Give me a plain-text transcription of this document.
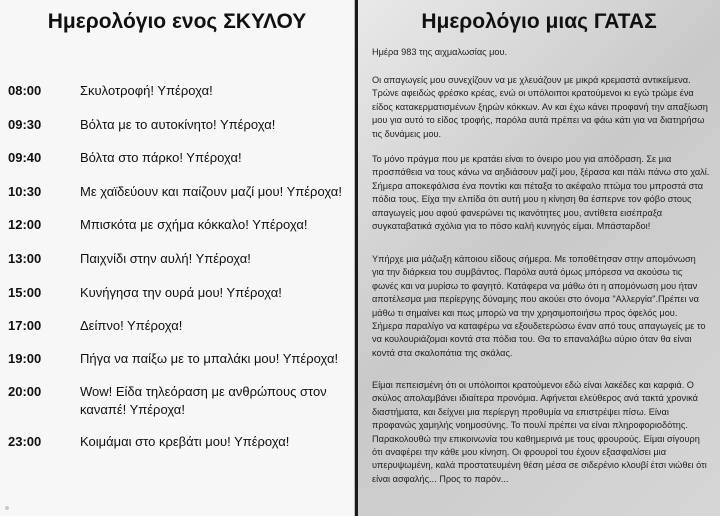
Ημερολόγιο ενος ΣΚΥΛΟΥ
08:00	Σκυλοτροφή! Υπέροχα!
09:30	Βόλτα με το αυτοκίνητο! Υπέροχα!
09:40	Βόλτα στο πάρκο! Υπέροχα!
10:30	Με χαϊδεύουν και παίζουν μαζί μου! Υπέροχα!
12:00	Μπισκότα με σχήμα κόκκαλο! Υπέροχα!
13:00	Παιχνίδι στην αυλή! Υπέροχα!
15:00	Κυνήγησα την ουρά μου! Υπέροχα!
17:00	Δείπνο! Υπέροχα!
19:00	Πήγα να παίξω με το μπαλάκι μου! Υπέροχα!
20:00	Wow! Είδα τηλεόραση με ανθρώπους στον καναπέ! Υπέροχα!
23:00	Κοιμάμαι στο κρεβάτι μου! Υπέροχα!
Ημερολόγιο μιας ΓΑΤΑΣ

Ημέρα 983 της αιχμαλωσίας μου.

Οι απαγωγείς μου συνεχίζουν να με χλευάζουν με μικρά κρεμαστά αντικείμενα. Τρώνε αφειδώς φρέσκο κρέας, ενώ οι υπόλοιποι κρατούμενοι κι εγώ τρώμε ένα είδος κατακερματισμένων ξηρών κόκκων. Αν και έχω κάνει προφανή την απαξίωση μου για αυτό το είδος τροφής, παρόλα αυτά πρέπει να φάω κάτι για να διατηρήσω τις δυνάμεις μου.

Το μόνο πράγμα που με κρατάει είναι το όνειρο μου για απόδραση. Σε μια προσπάθεια να τους κάνω να αηδιάσουν μαζί μου, ξέρασα και πάλι πάνω στο χαλί. Σήμερα αποκεφάλισα ένα ποντίκι και πέταξα το ακέφαλο πτώμα του μπροστά στα πόδια τους. Είχα την ελπίδα ότι αυτή μου η κίνηση θα έσπερνε τον φόβο στους απαγωγείς μου αφού φανερώνει τις ικανότητες μου, αντίθετα εισέπραξα συγκαταβατικά σχόλια για το πόσο καλή κυνηγός είμαι. Μπάσταρδοι!

Υπήρχε μια μάζωξη κάποιου είδους σήμερα. Με τοποθέτησαν στην απομόνωση για την διάρκεια του συμβάντος. Παρόλα αυτά όμως μπόρεσα να ακούσω τις φωνές και να μυρίσω το φαγητό. Κατάφερα να μάθω ότι η απομόνωση μου ήταν αποτέλεσμα μια περίεργης δύναμης που ακούει στο όνομα "Αλλεργία".Πρέπει να μάθω τι σημαίνει και πως μπορώ να την χρησιμοποιήσω προς όφελός μου. Σήμερα παραλίγο να καταφέρω να εξουδετερώσω έναν από τους απαγωγείς με το να κουλουριάζομαι κοντά στα πόδια του. Θα το επαναλάβω αύριο όταν θα είναι κοντά στα σκαλοπάτια της σκάλας.

Είμαι πεπεισμένη ότι οι υπόλοιποι κρατούμενοι εδώ είναι λακέδες και καρφιά. Ο σκύλος απολαμβάνει ιδιαίτερα προνόμια. Αφήνεται ελεύθερος ανά τακτά χρονικά διαστήματα, και δείχνει μια περίεργη προθυμία να επιστρέψει πίσω. Είναι προφανώς χαμηλής νοημοσύνης. Το πουλί πρέπει να είναι πληροφοριοδότης. Παρακολουθώ την επικοινωνία του καθημερινά με τους φρουρούς. Είμαι σίγουρη ότι αναφέρει την κάθε μου κίνηση. Οι φρουροί του έχουν εξασφαλίσει μια υπερυψωμένη, καλά προστατευμένη θέση μέσα σε σιδερένιο κλουβί έτσι νιώθει ότι είναι ασφαλής... Προς το παρόν...
